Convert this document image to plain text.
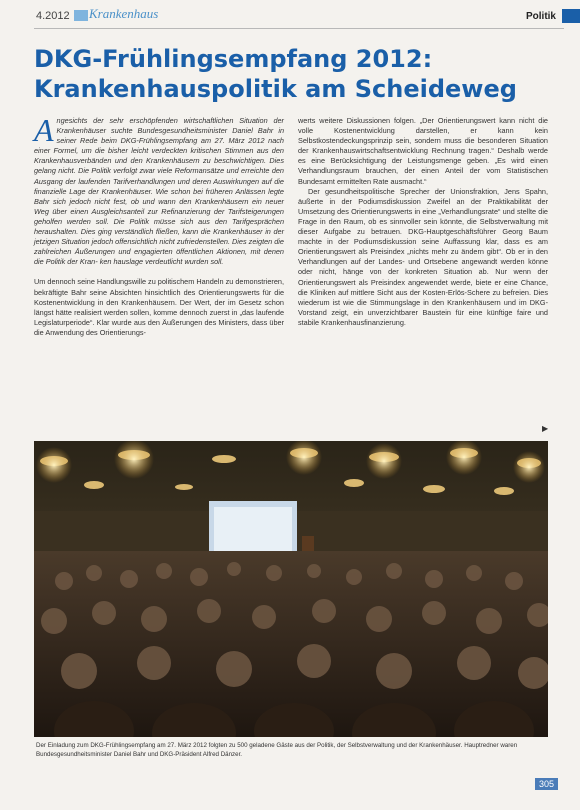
4.2012	Krankenhaus	Politik
DKG-Frühlingsempfang 2012:
Krankenhauspolitik am Scheideweg

Angesichts der sehr erschöpfenden wirtschaftlichen Situation der Krankenhäuser suchte Bundesgesundheitsminister Daniel Bahr in seiner Rede beim DKG-Frühlingsempfang am 27. März 2012 nach einer Formel, um die bisher leicht verdeckten kritischen Stimmen aus den Krankenhausverbänden und den Krankenhäusern zu beschwichtigen. Dies gelang nicht. Die Politik verfolgt zwar viele Reformansätze und erreichte den Ausgang der laufenden Tarifverhandlungen und deren Auswirkungen auf die finanzielle Lage der Krankenhäuser. Wie schon bei früheren Anlässen legte Bahr sich jedoch nicht fest, ob und wann den Krankenhäusern ein neuer Weg über einen Ausgleichsanteil zur Refinanzierung der Tarifsteigerungen geholfen werden soll. Die Politik müsse sich aus den Tarifgesprächen heraushalten. Dies ging verständlich fließen, kann die Krankenhäuser in der jetzigen Situation jedoch offensichtlich nicht zufriedenstellen. Dies zeigten die zahlreichen Äußerungen und engagierten öffentlichen Aktionen, mit denen die Politik der Kran- ken hauslage verdeutlicht wurden soll.

Um dennoch seine Handlungswille zu politischem Handeln zu demonstrieren, bekräftigte Bahr seine Absichten hinsichtlich des Orientierungswerts für die Kostenentwicklung in den Krankenhäusern. Der Wert, der im Gesetz schon längst hätte realisiert werden sollen, komme dennoch zuerst in „das laufende Legislaturperiode“. Klar wurde aus den Äußerungen des Ministers, dass über die Anwendung des Orientierungs-

werts weitere Diskussionen folgen. „Der Orientierungswert kann nicht die volle Kostenentwicklung darstellen, er kann kein Selbstkostendeckungsprinzip sein, sondern muss die besonderen Situation der Krankenhauswirtschaftsentwicklung Rechnung tragen.“ Deshalb werde es eine Berücksichtigung der Leistungsmenge geben. „Es wird einen Verhandlungsraum brauchen, der einen Anteil der vom Statistischen Bundesamt ermittelten Rate ausmacht.“

Der gesundheitspolitische Sprecher der Unionsfraktion, Jens Spahn, äußerte in der Podiumsdiskussion Zweifel an der Praktikabilität der Umsetzung des Orientierungswerts in eine „Verhandlungsrate“ und stellte die Frage in den Raum, ob es sinnvoller sein könnte, die Selbstverwaltung mit dieser Aufgabe zu betrauen. DKG-Hauptgeschäftsführer Georg Baum machte in der Podiumsdiskussion seine Auffassung klar, dass es am Orientierungswert als Preisindex „nichts mehr zu ändern gibt“. Ob er in den Verhandlungen auf der Landes- und Ortsebene angewandt werden könne oder nicht, hänge von der konkreten Situation ab. Nur wenn der Orientierungswert als Preisindex angewendet werde, biete er eine Chance, die Kliniken auf mittlere Sicht aus der Kosten-Erlös-Schere zu befreien. Dies wiederum ist wie die Stimmungslage in den Krankenhäusern und im DKG-Vorstand zeigt, ein unverzichtbarer Baustein für eine künftige faire und stabile Krankenhausfinanzierung.

▶
Der Einladung zum DKG-Frühlingsempfang am 27. März 2012 folgten zu 500 geladene Gäste aus der Politik, der Selbstverwaltung und der Krankenhäuser. Hauptredner waren Bundesgesundheitsminister Daniel Bahr und DKG-Präsident Alfred Dänzer.
305
